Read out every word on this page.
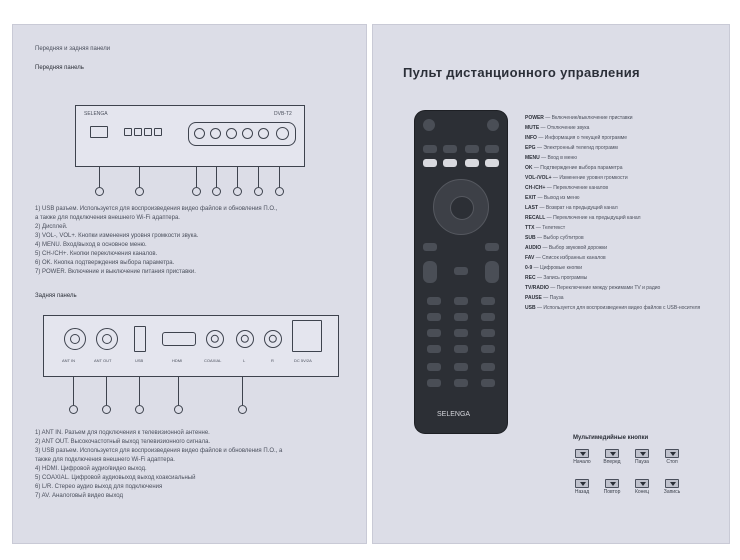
Передняя и задняя панели
Передняя панель
SELENGA	DVB-T2
1) USB разъем. Используется для воспроизведения видео файлов и обновления П.О.,
а также для подключения внешнего Wi-Fi адаптера.
2) Дисплей.
3) VOL-, VOL+. Кнопки изменения уровня громкости звука.
4) MENU. Вход/выход в основное меню.
5) CH-/CH+. Кнопки переключения каналов.
6) OK. Кнопка подтверждения выбора параметра.
7) POWER. Включение и выключение питания приставки.
Задняя панель
ANT IN	ANT OUT	USB	HDMI	COAXIAL	L	R	DC 5V/2A
1) ANT IN. Разъем для подключения к телевизионной антенне.
2) ANT OUT. Высокочастотный выход телевизионного сигнала.
3) USB разъем. Используется для воспроизведения видео файлов и обновления П.О., а
также для подключения внешнего Wi-Fi адаптера.
4) HDMI. Цифровой аудио/видео выход.
5) COAXIAL. Цифровой аудиовыход выход коаксиальный
6) L/R. Стерео аудио выход для подключения
7) AV. Аналоговый видео выход
Пульт дистанционного управления
SELENGA
POWER — Включение/выключение приставки
MUTE — Отключение звука
INFO — Информация о текущей программе
EPG — Электронный телегид программ
MENU — Вход в меню
OK — Подтверждение выбора параметра
VOL-/VOL+ — Изменение уровня громкости
CH-/CH+ — Переключение каналов
EXIT — Выход из меню
LAST — Возврат на предыдущий канал
RECALL — Переключение на предыдущий канал
TTX — Телетекст
SUB — Выбор субтитров
AUDIO — Выбор звуковой дорожки
FAV — Список избранных каналов
0-9 — Цифровые кнопки
REC — Запись программы
TV/RADIO — Переключение между режимами TV и радио
PAUSE — Пауза
USB — Используется для воспроизведения видео файлов с USB-носителя
Мультимедийные кнопки
Начало	Вперед	Пауза	Стоп
Назад	Повтор	Конец	Запись
